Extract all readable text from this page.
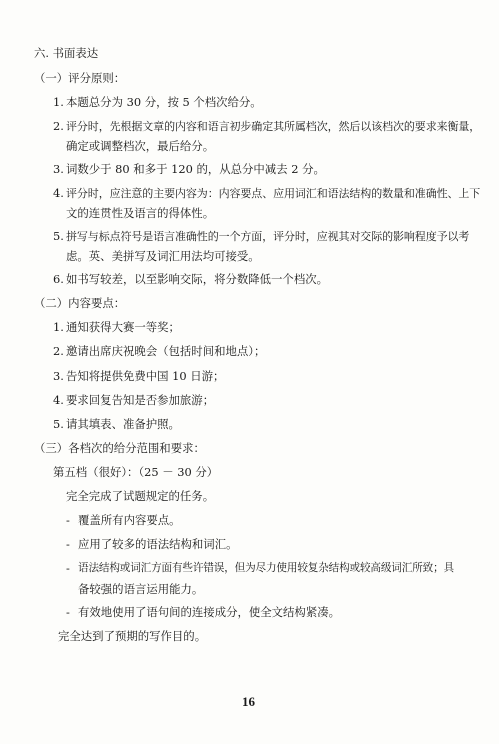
六. 书面表达
（一）评分原则：
1. 本题总分为 30 分，按 5 个档次给分。
2. 评分时，先根据文章的内容和语言初步确定其所属档次，然后以该档次的要求来衡量，
确定或调整档次，最后给分。
3. 词数少于 80 和多于 120 的，从总分中减去 2 分。
4. 评分时，应注意的主要内容为：内容要点、应用词汇和语法结构的数量和准确性、上下
文的连贯性及语言的得体性。
5. 拼写与标点符号是语言准确性的一个方面，评分时，应视其对交际的影响程度予以考
虑。英、美拼写及词汇用法均可接受。
6. 如书写较差，以至影响交际，将分数降低一个档次。
（二）内容要点：
1. 通知获得大赛一等奖；
2. 邀请出席庆祝晚会（包括时间和地点）；
3. 告知将提供免费中国 10 日游；
4. 要求回复告知是否参加旅游；
5. 请其填表、准备护照。
（三）各档次的给分范围和要求：
第五档（很好）：（25 － 30 分）
完全完成了试题规定的任务。
- 覆盖所有内容要点。
- 应用了较多的语法结构和词汇。
- 语法结构或词汇方面有些许错误，但为尽力使用较复杂结构或较高级词汇所致；具
备较强的语言运用能力。
- 有效地使用了语句间的连接成分，使全文结构紧凑。
完全达到了预期的写作目的。
16
